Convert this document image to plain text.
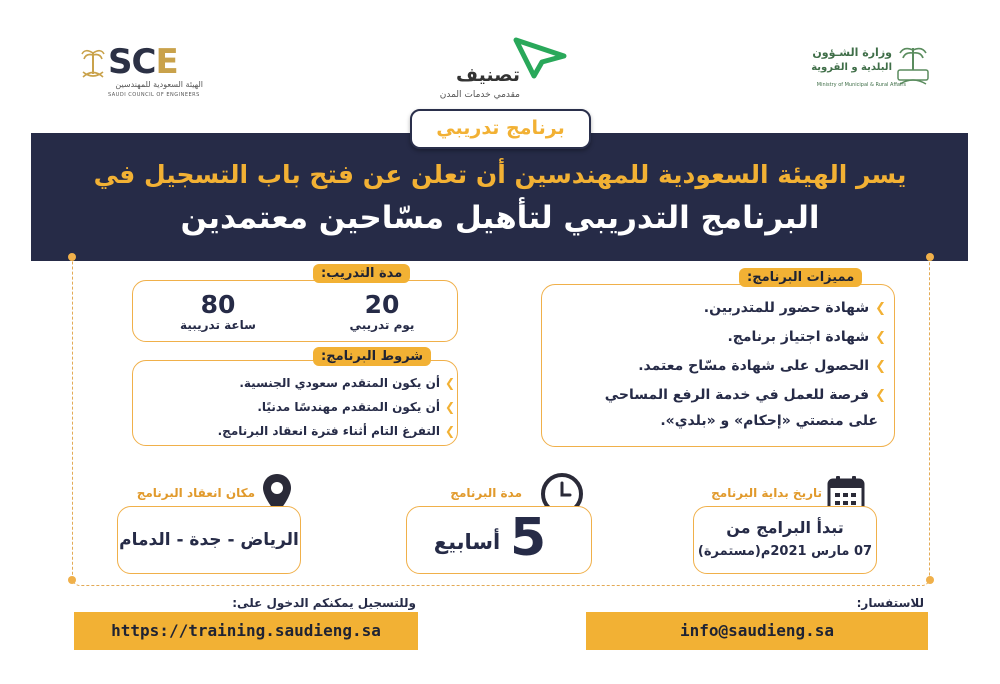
SCE
الهيئة السعودية للمهندسين
SAUDI COUNCIL OF ENGINEERS
تصنيف
مقدمي خدمات المدن
وزارة الشـؤون
البلدية و القروية
Ministry of Municipal & Rural Affairs
يسر الهيئة السعودية للمهندسين أن تعلن عن فتح باب التسجيل في
البرنامج التدريبي لتأهيل مسّاحين معتمدين
برنامج تدريبي
مميزات البرنامج:
❯شهادة حضور للمتدربين.
❯شهادة اجتياز برنامج.
❯الحصول على شهادة مسّاح معتمد.
❯فرصة للعمل في خدمة الرفع المساحي
على منصتي «إحكام» و «بلدي».
مدة التدريب:
20
يوم تدريبي
80
ساعة تدريبية
شروط البرنامج:
❯أن يكون المتقدم سعودي الجنسية.
❯أن يكون المتقدم مهندسًا مدنيًا.
❯التفرغ التام أثناء فترة انعقاد البرنامج.
تاريخ بداية البرنامج
تبدأ البرامج من
07 مارس 2021م(مستمرة)
مدة البرنامج
5
أسابيع
مكان انعقاد البرنامج
الرياض - جدة - الدمام
للاستفسار:
info@saudieng.sa
وللتسجيل يمكنكم الدخول على:
https://training.saudieng.sa
